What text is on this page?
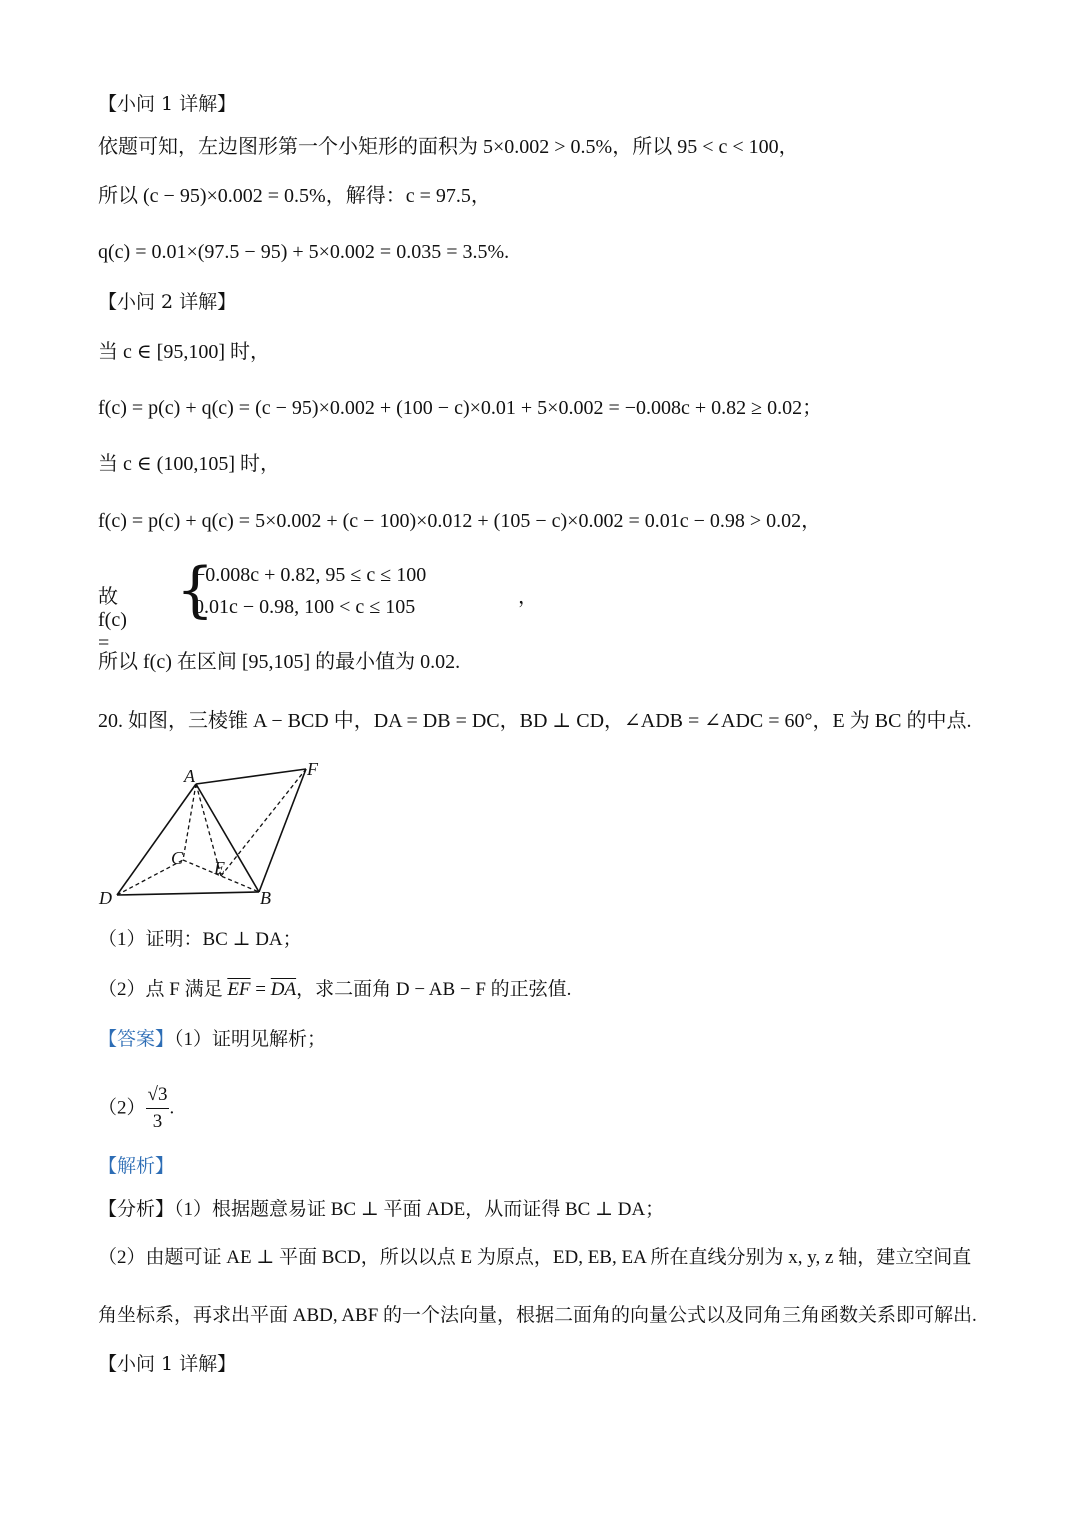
【小问 1 详解】
依题可知，左边图形第一个小矩形的面积为 5×0.002 > 0.5%，所以 95 < c < 100，
所以 (c − 95)×0.002 = 0.5%，解得：c = 97.5，
q(c) = 0.01×(97.5 − 95) + 5×0.002 = 0.035 = 3.5%.
【小问 2 详解】
当 c ∈ [95,100] 时，
f(c) = p(c) + q(c) = (c − 95)×0.002 + (100 − c)×0.01 + 5×0.002 = −0.008c + 0.82 ≥ 0.02；
当 c ∈ (100,105] 时，
f(c) = p(c) + q(c) = 5×0.002 + (c − 100)×0.012 + (105 − c)×0.002 = 0.01c − 0.98 > 0.02，
故 f(c) =
{
−0.008c + 0.82, 95 ≤ c ≤ 100
0.01c − 0.98, 100 < c ≤ 105	，
所以 f(c) 在区间 [95,105] 的最小值为 0.02.
20. 如图，三棱锥 A − BCD 中，DA = DB = DC，BD ⊥ CD，∠ADB = ∠ADC = 60°，E 为 BC 的中点.
A	F
C E
D	B
（1）证明：BC ⊥ DA；
（2）点 F 满足 $\overline{EF} = \overline{DA}$，求二面角 D − AB − F 的正弦值.
【答案】（1）证明见解析；
$(2) \frac{√3}{3}$ .
【解析】
【分析】（1）根据题意易证 BC ⊥ 平面 ADE，从而证得 BC ⊥ DA；
（2）由题可证 AE ⊥ 平面 BCD，所以以点 E 为原点，ED, EB, EA 所在直线分别为 x, y, z 轴，建立空间直
角坐标系，再求出平面 ABD, ABF 的一个法向量，根据二面角的向量公式以及同角三角函数关系即可解出.
【小问 1 详解】
